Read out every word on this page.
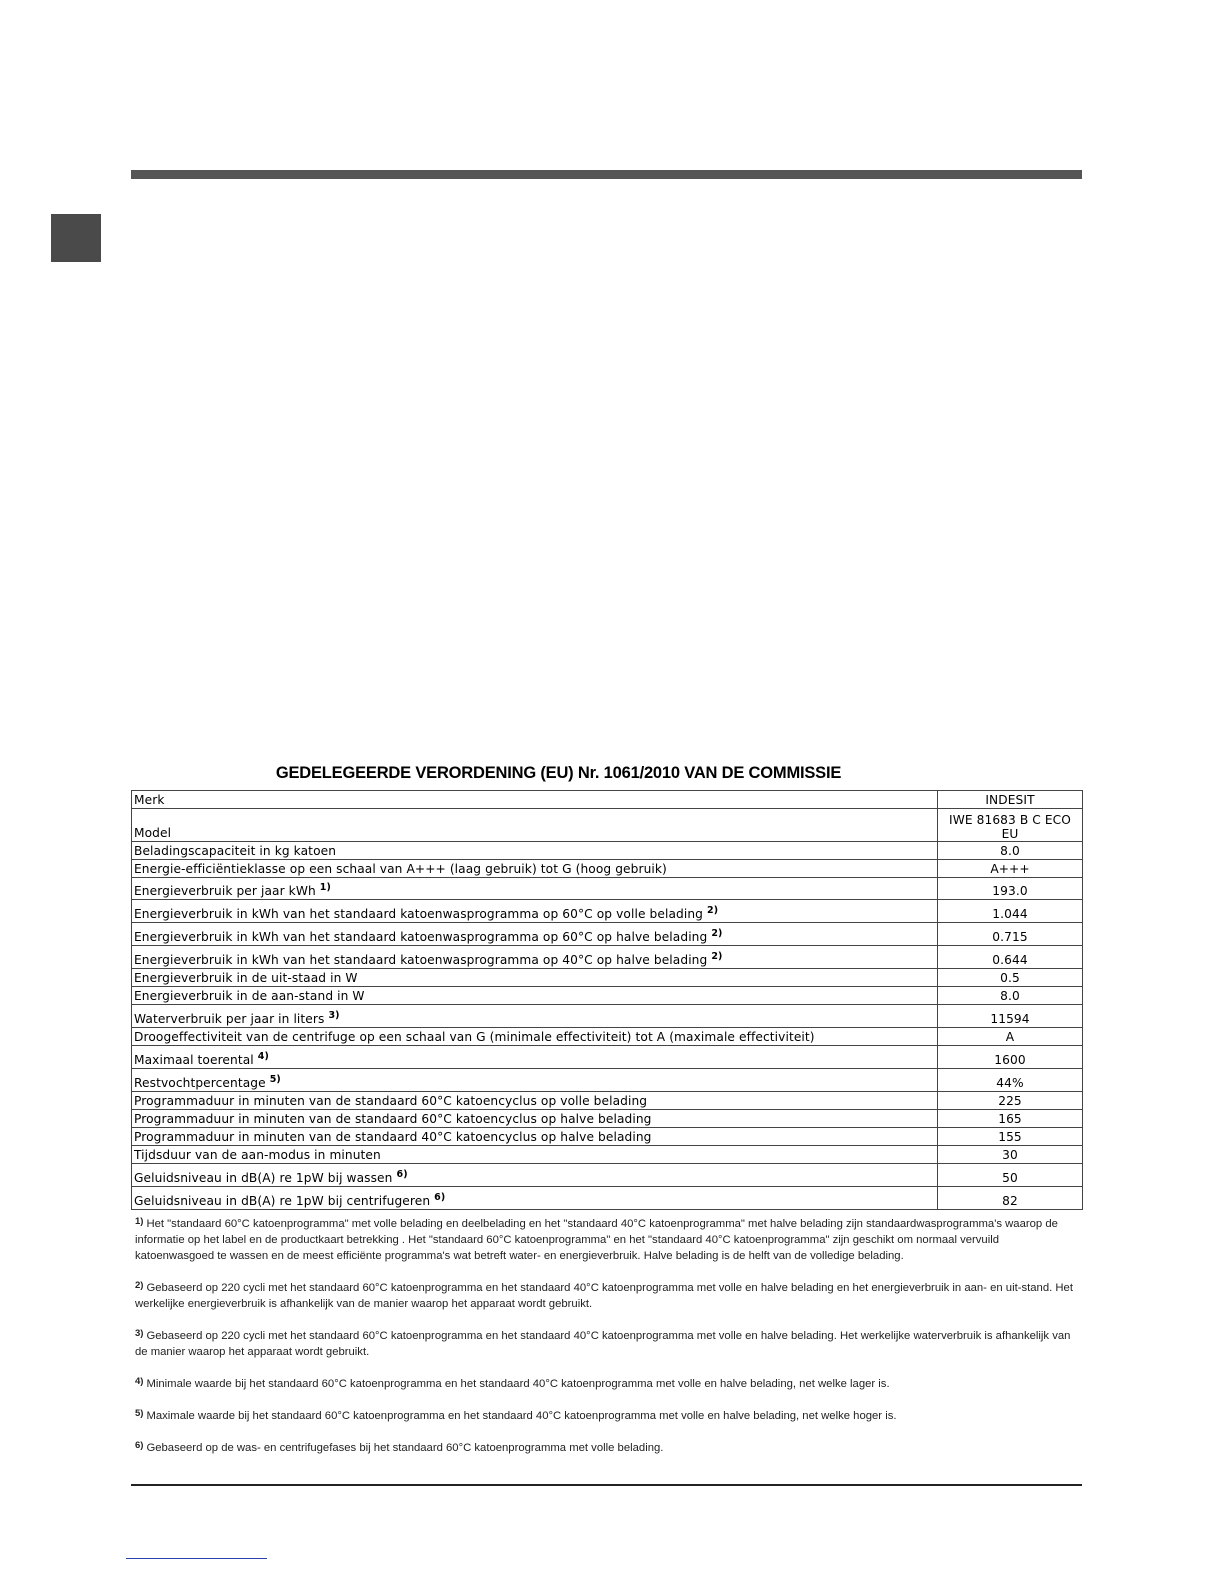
GEDELEGEERDE VERORDENING (EU) Nr. 1061/2010 VAN DE COMMISSIE
Merk	INDESIT
Model	IWE 81683 B C ECO EU
Beladingscapaciteit in kg katoen	8.0
Energie-efficiëntieklasse op een schaal van A+++ (laag gebruik) tot G (hoog gebruik)	A+++
Energieverbruik per jaar kWh $^{1)}$	193.0
Energieverbruik in kWh van het standaard katoenwasprogramma op 60°C op volle belading $^{2)}$	1.044
Energieverbruik in kWh van het standaard katoenwasprogramma op 60°C op halve belading $^{2)}$	0.715
Energieverbruik in kWh van het standaard katoenwasprogramma op 40°C op halve belading $^{2)}$	0.644
Energieverbruik in de uit-staad in W	0.5
Energieverbruik in de aan-stand in W	8.0
Waterverbruik per jaar in liters $^{3)}$	11594
Droogeffectiviteit van de centrifuge op een schaal van G (minimale effectiviteit) tot A (maximale effectiviteit)	A
Maximaal toerental $^{4)}$	1600
Restvochtpercentage $^{5)}$	44%
Programmaduur in minuten van de standaard 60°C katoencyclus op volle belading	225
Programmaduur in minuten van de standaard 60°C katoencyclus op halve belading	165
Programmaduur in minuten van de standaard 40°C katoencyclus op halve belading	155
Tijdsduur van de aan-modus in minuten	30
Geluidsniveau in dB(A) re 1pW bij wassen $^{6)}$	50
Geluidsniveau in dB(A) re 1pW bij centrifugeren $^{6)}$	82
$^{1)}$ Het "standaard 60°C katoenprogramma" met volle belading en deelbelading en het "standaard 40°C katoenprogramma" met halve belading zijn standaardwasprogramma's waarop de informatie op het label en de productkaart betrekking . Het "standaard 60°C katoenprogramma" en het "standaard 40°C katoenprogramma" zijn geschikt om normaal vervuild katoenwasgoed te wassen en de meest efficiënte programma's wat betreft water- en energieverbruik. Halve belading is de helft van de volledige belading.
$^{2)}$ Gebaseerd op 220 cycli met het standaard 60°C katoenprogramma en het standaard 40°C katoenprogramma met volle en halve belading en het energieverbruik in aan- en uit-stand. Het werkelijke energieverbruik is afhankelijk van de manier waarop het apparaat wordt gebruikt.
$^{3)}$ Gebaseerd op 220 cycli met het standaard 60°C katoenprogramma en het standaard 40°C katoenprogramma met volle en halve belading. Het werkelijke waterverbruik is afhankelijk van de manier waarop het apparaat wordt gebruikt.
$^{4)}$ Minimale waarde bij het standaard 60°C katoenprogramma en het standaard 40°C katoenprogramma met volle en halve belading, net welke lager is.
$^{5)}$ Maximale waarde bij het standaard 60°C katoenprogramma en het standaard 40°C katoenprogramma met volle en halve belading, net welke hoger is.
$^{6)}$ Gebaseerd op de was- en centrifugefases bij het standaard 60°C katoenprogramma met volle belading.
